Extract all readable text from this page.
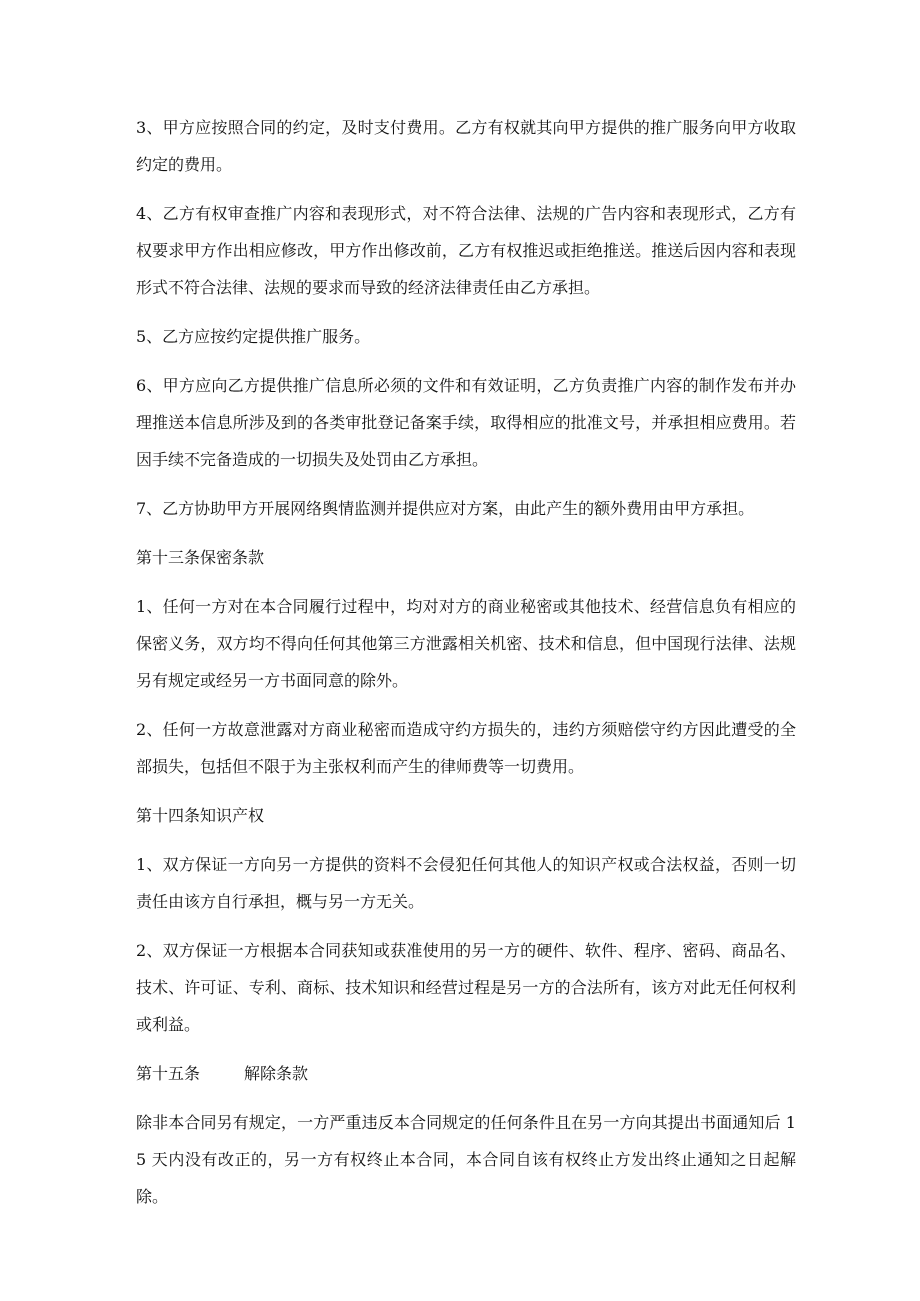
3、甲方应按照合同的约定，及时支付费用。乙方有权就其向甲方提供的推广服务向甲方收取约定的费用。

4、乙方有权审查推广内容和表现形式，对不符合法律、法规的广告内容和表现形式，乙方有权要求甲方作出相应修改，甲方作出修改前，乙方有权推迟或拒绝推送。推送后因内容和表现形式不符合法律、法规的要求而导致的经济法律责任由乙方承担。

5、乙方应按约定提供推广服务。

6、甲方应向乙方提供推广信息所必须的文件和有效证明，乙方负责推广内容的制作发布并办理推送本信息所涉及到的各类审批登记备案手续，取得相应的批准文号，并承担相应费用。若因手续不完备造成的一切损失及处罚由乙方承担。

7、乙方协助甲方开展网络舆情监测并提供应对方案，由此产生的额外费用由甲方承担。

第十三条保密条款

1、任何一方对在本合同履行过程中，均对对方的商业秘密或其他技术、经营信息负有相应的保密义务，双方均不得向任何其他第三方泄露相关机密、技术和信息，但中国现行法律、法规另有规定或经另一方书面同意的除外。

2、任何一方故意泄露对方商业秘密而造成守约方损失的，违约方须赔偿守约方因此遭受的全部损失，包括但不限于为主张权利而产生的律师费等一切费用。

第十四条知识产权

1、双方保证一方向另一方提供的资料不会侵犯任何其他人的知识产权或合法权益，否则一切责任由该方自行承担，概与另一方无关。

2、双方保证一方根据本合同获知或获准使用的另一方的硬件、软件、程序、密码、商品名、技术、许可证、专利、商标、技术知识和经营过程是另一方的合法所有，该方对此无任何权利或利益。

第十五条	解除条款

除非本合同另有规定，一方严重违反本合同规定的任何条件且在另一方向其提出书面通知后 15 天内没有改正的，另一方有权终止本合同，本合同自该有权终止方发出终止通知之日起解除。
